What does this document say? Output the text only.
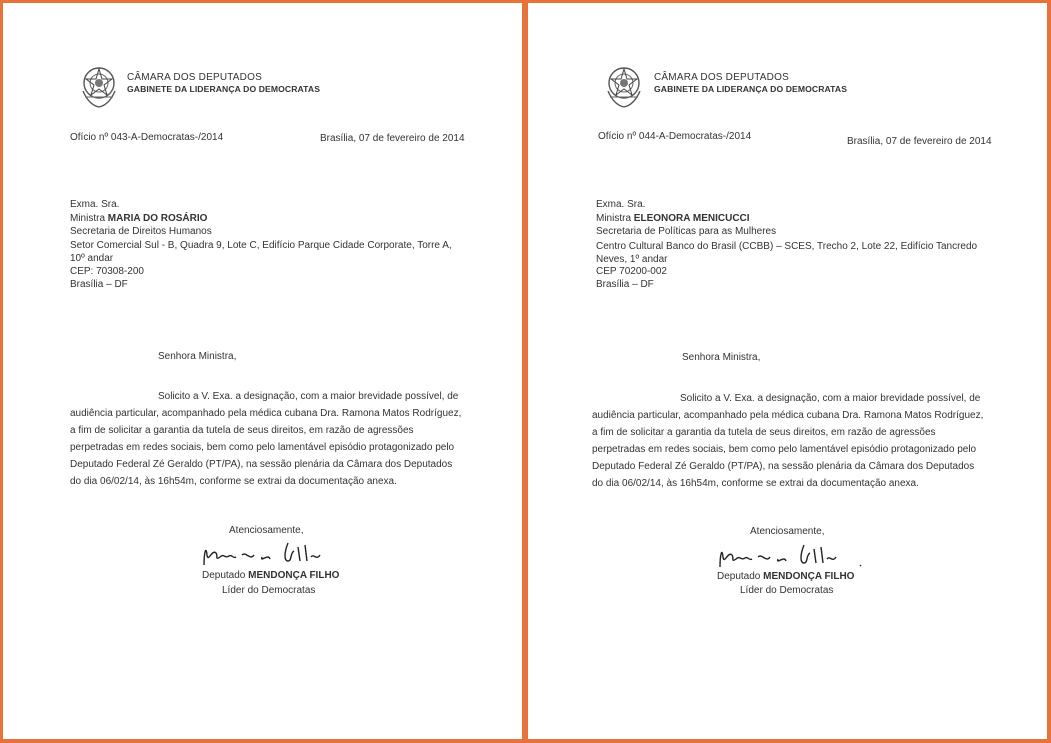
CÂMARA DOS DEPUTADOS
GABINETE DA LIDERANÇA DO DEMOCRATAS
Ofício nº 043-A-Democratas-/2014	Brasília, 07 de fevereiro de 2014
Exma. Sra.
Ministra MARIA DO ROSÁRIO
Secretaria de Direitos Humanos
Setor Comercial Sul - B, Quadra 9, Lote C, Edifício Parque Cidade Corporate, Torre A,
10º andar
CEP: 70308-200
Brasília – DF
Senhora Ministra,
Solicito a V. Exa. a designação, com a maior brevidade possível, de
audiência particular, acompanhado pela médica cubana Dra. Ramona Matos Rodríguez,
a fim de solicitar a garantia da tutela de seus direitos, em razão de agressões
perpetradas em redes sociais, bem como pelo lamentável episódio protagonizado pelo
Deputado Federal Zé Geraldo (PT/PA), na sessão plenária da Câmara dos Deputados
do dia 06/02/14, às 16h54m, conforme se extrai da documentação anexa.
Atenciosamente,
Deputado MENDONÇA FILHO
Líder do Democratas
CÂMARA DOS DEPUTADOS
GABINETE DA LIDERANÇA DO DEMOCRATAS
Ofício nº 044-A-Democratas-/2014	Brasília, 07 de fevereiro de 2014
Exma. Sra.
Ministra ELEONORA MENICUCCI
Secretaria de Políticas para as Mulheres
Centro Cultural Banco do Brasil (CCBB) – SCES, Trecho 2, Lote 22, Edifício Tancredo
Neves, 1º andar
CEP 70200-002
Brasília – DF
Senhora Ministra,
Solicito a V. Exa. a designação, com a maior brevidade possível, de
audiência particular, acompanhado pela médica cubana Dra. Ramona Matos Rodríguez,
a fim de solicitar a garantia da tutela de seus direitos, em razão de agressões
perpetradas em redes sociais, bem como pelo lamentável episódio protagonizado pelo
Deputado Federal Zé Geraldo (PT/PA), na sessão plenária da Câmara dos Deputados
do dia 06/02/14, às 16h54m, conforme se extrai da documentação anexa.
Atenciosamente,
Deputado MENDONÇA FILHO
Líder do Democratas
